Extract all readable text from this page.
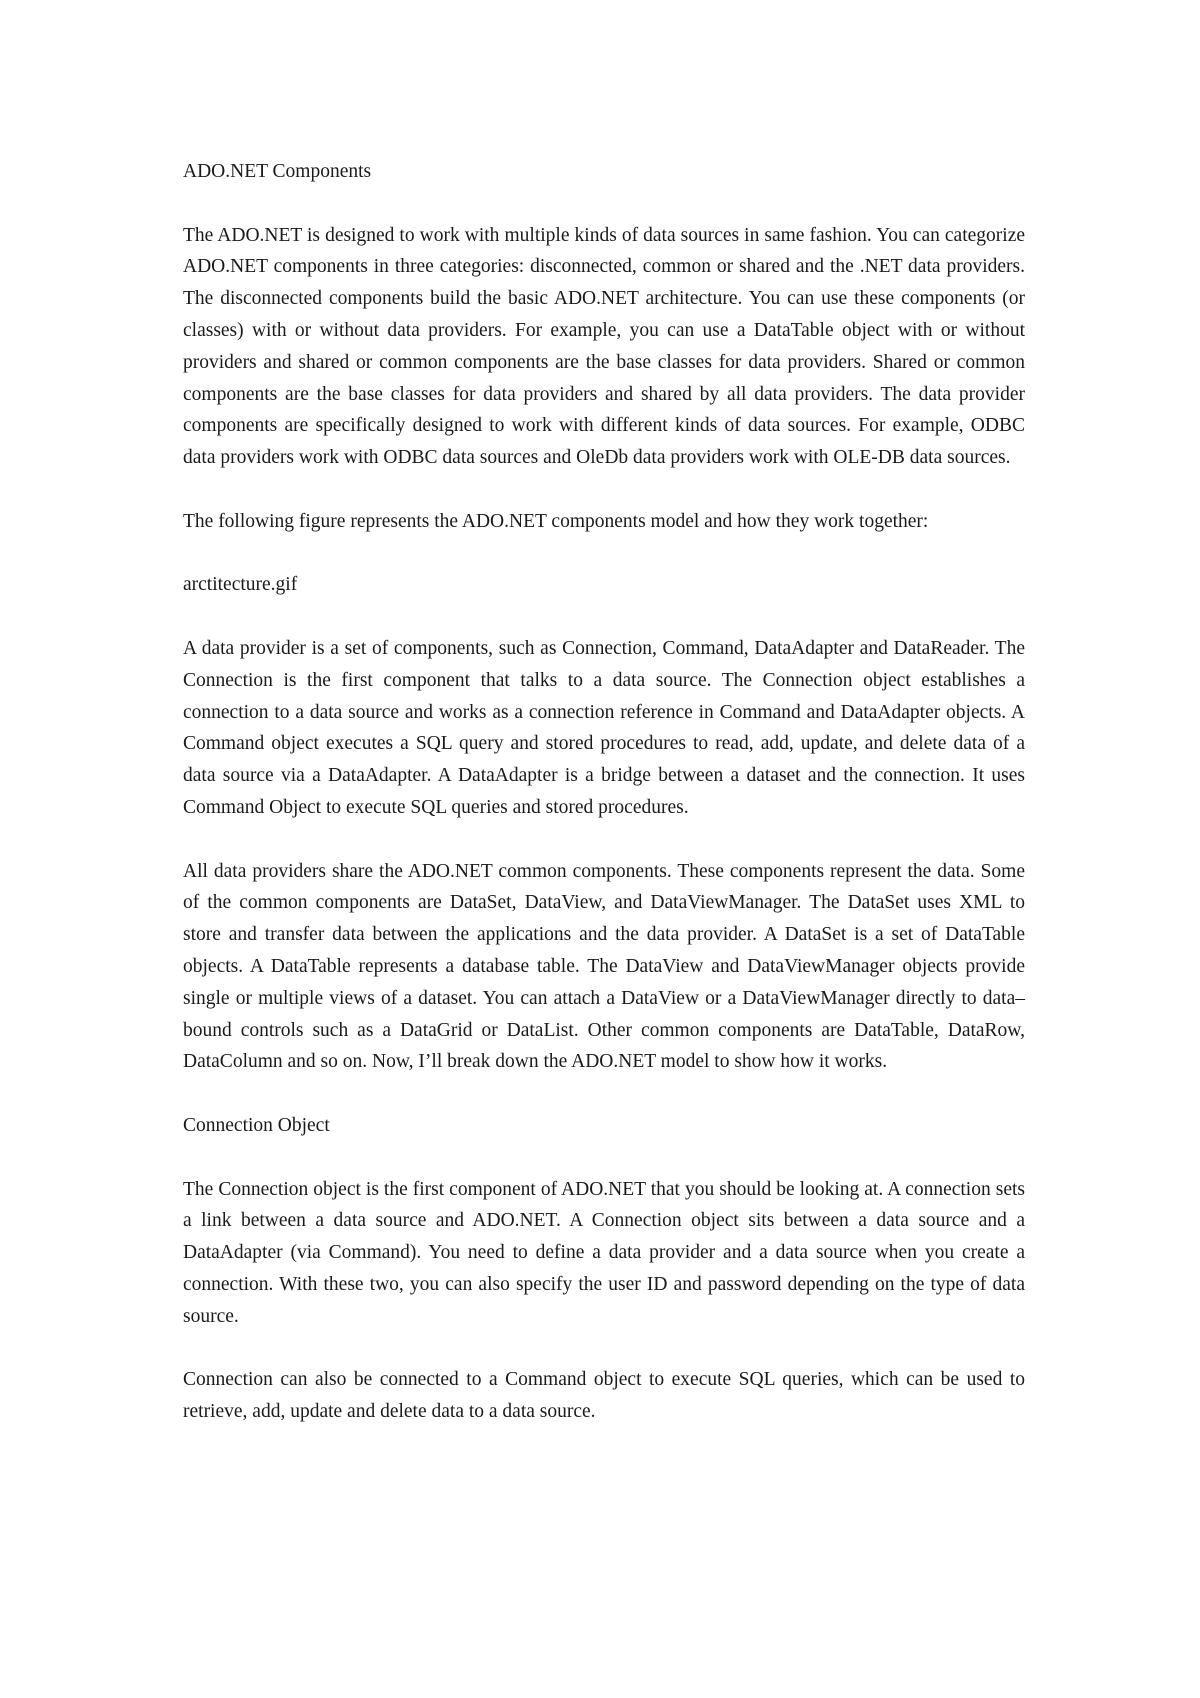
ADO.NET Components

The ADO.NET is designed to work with multiple kinds of data sources in same fashion. You can categorize ADO.NET components in three categories: disconnected, common or shared and the .NET data providers. The disconnected components build the basic ADO.NET architecture. You can use these components (or classes) with or without data providers. For example, you can use a DataTable object with or without providers and shared or common components are the base classes for data providers. Shared or common components are the base classes for data providers and shared by all data providers. The data provider components are specifically designed to work with different kinds of data sources. For example, ODBC data providers work with ODBC data sources and OleDb data providers work with OLE-DB data sources.

The following figure represents the ADO.NET components model and how they work together:

arctitecture.gif

A data provider is a set of components, such as Connection, Command, DataAdapter and DataReader. The Connection is the first component that talks to a data source. The Connection object establishes a connection to a data source and works as a connection reference in Command and DataAdapter objects. A Command object executes a SQL query and stored procedures to read, add, update, and delete data of a data source via a DataAdapter. A DataAdapter is a bridge between a dataset and the connection. It uses Command Object to execute SQL queries and stored procedures.

All data providers share the ADO.NET common components. These components represent the data. Some of the common components are DataSet, DataView, and DataViewManager. The DataSet uses XML to store and transfer data between the applications and the data provider. A DataSet is a set of DataTable objects. A DataTable represents a database table. The DataView and DataViewManager objects provide single or multiple views of a dataset. You can attach a DataView or a DataViewManager directly to data–bound controls such as a DataGrid or DataList. Other common components are DataTable, DataRow, DataColumn and so on. Now, I’ll break down the ADO.NET model to show how it works.

Connection Object

The Connection object is the first component of ADO.NET that you should be looking at. A connection sets a link between a data source and ADO.NET. A Connection object sits between a data source and a DataAdapter (via Command). You need to define a data provider and a data source when you create a connection. With these two, you can also specify the user ID and password depending on the type of data source.

Connection can also be connected to a Command object to execute SQL queries, which can be used to retrieve, add, update and delete data to a data source.
